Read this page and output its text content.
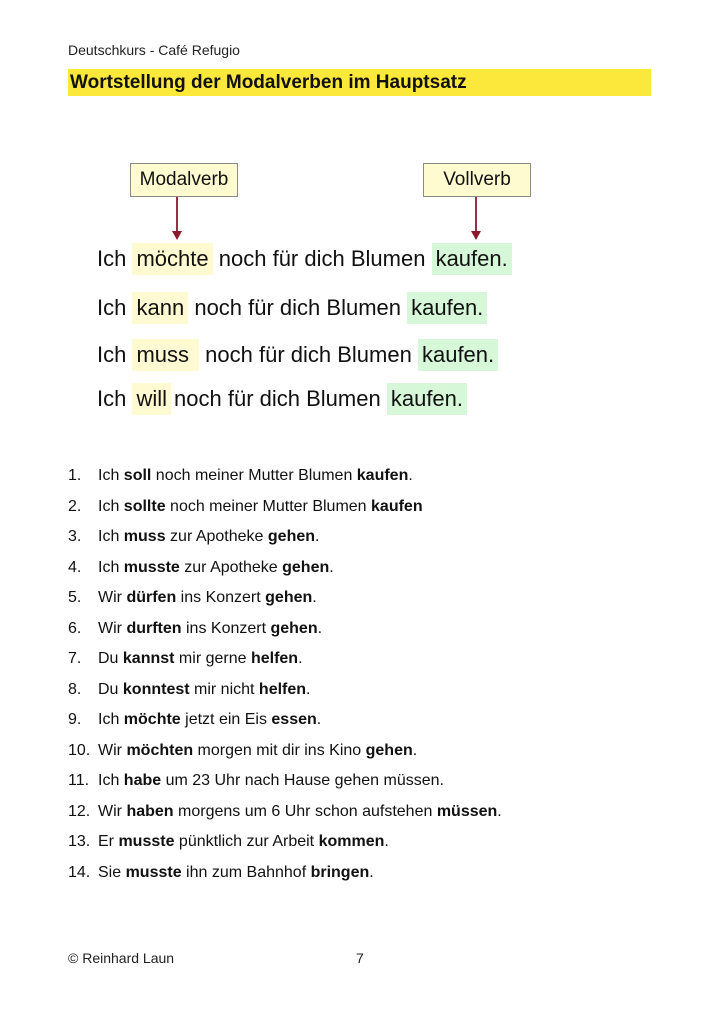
Deutschkurs - Café Refugio
Wortstellung der Modalverben im Hauptsatz
Modalverb	Vollverb
Ich möchte noch für dich Blumen kaufen.
Ich kann noch für dich Blumen kaufen.
Ich muss noch für dich Blumen kaufen.
Ich will noch für dich Blumen kaufen.
1. Ich soll noch meiner Mutter Blumen kaufen.
2. Ich sollte noch meiner Mutter Blumen kaufen
3. Ich muss zur Apotheke gehen.
4. Ich musste zur Apotheke gehen.
5. Wir dürfen ins Konzert gehen.
6. Wir durften ins Konzert gehen.
7. Du kannst mir gerne helfen.
8. Du konntest mir nicht helfen.
9. Ich möchte jetzt ein Eis essen.
10. Wir möchten morgen mit dir ins Kino gehen.
11. Ich habe um 23 Uhr nach Hause gehen müssen.
12. Wir haben morgens um 6 Uhr schon aufstehen müssen.
13. Er musste pünktlich zur Arbeit kommen.
14. Sie musste ihn zum Bahnhof bringen.
© Reinhard Laun	7
